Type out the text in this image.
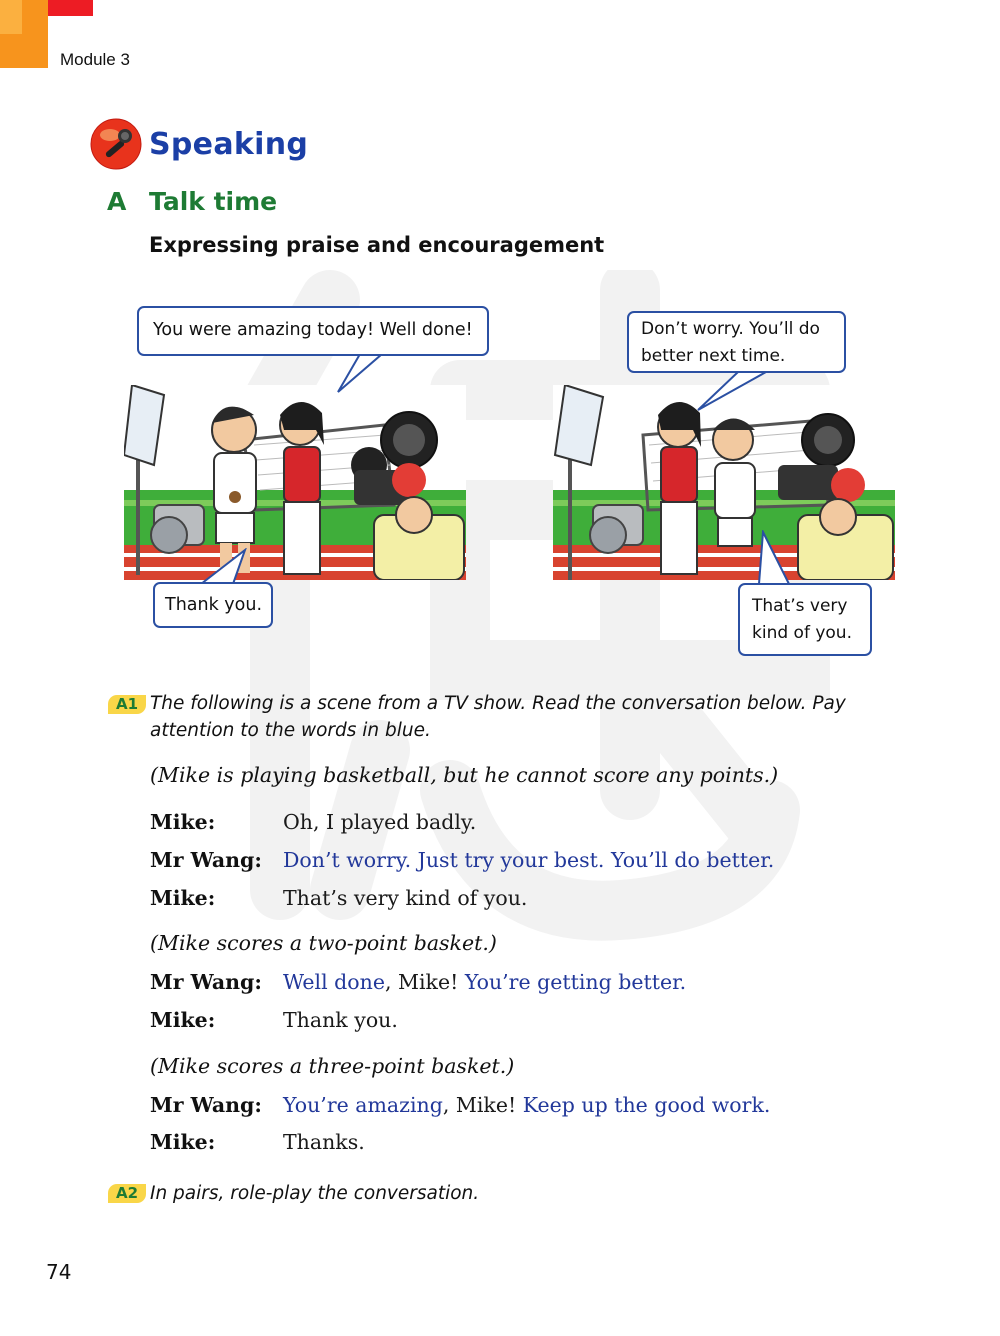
Module 3
Speaking
A Talk time
Expressing praise and encouragement
You were amazing today! Well done!	Don’t worry. You’ll do
better next time.
Thank you.	That’s very
kind of you.
A1 The following is a scene from a TV show. Read the conversation below. Pay attention to the words in blue.
(Mike is playing basketball, but he cannot score any points.)
Mike:	Oh, I played badly.
Mr Wang: Don’t worry. Just try your best. You’ll do better.
Mike:	That’s very kind of you.
(Mike scores a two-point basket.)
Mr Wang: Well done, Mike! You’re getting better.
Mike:	Thank you.
(Mike scores a three-point basket.)
Mr Wang: You’re amazing, Mike! Keep up the good work.
Mike:	Thanks.
A2 In pairs, role-play the conversation.
74
